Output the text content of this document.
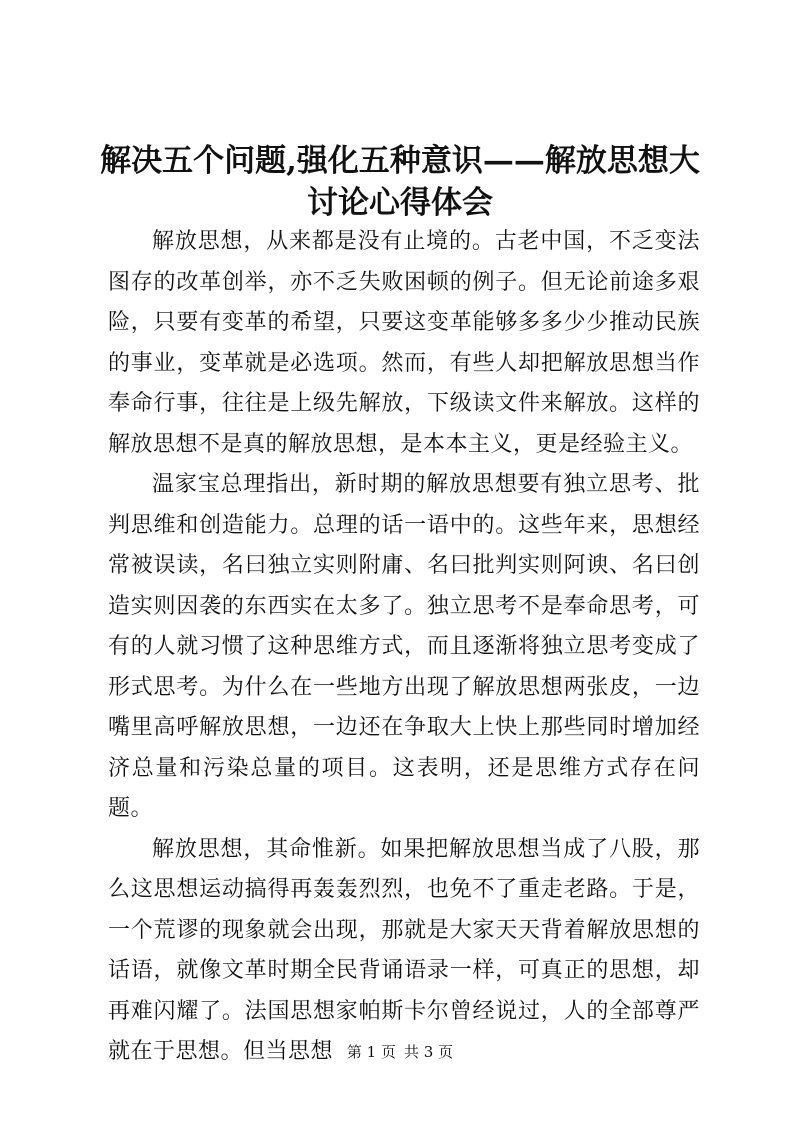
解决五个问题,强化五种意识——解放思想大讨论心得体会

解放思想，从来都是没有止境的。古老中国，不乏变法图存的改革创举，亦不乏失败困顿的例子。但无论前途多艰险，只要有变革的希望，只要这变革能够多多少少推动民族的事业，变革就是必选项。然而，有些人却把解放思想当作奉命行事，往往是上级先解放，下级读文件来解放。这样的解放思想不是真的解放思想，是本本主义，更是经验主义。

温家宝总理指出，新时期的解放思想要有独立思考、批判思维和创造能力。总理的话一语中的。这些年来，思想经常被误读，名曰独立实则附庸、名曰批判实则阿谀、名曰创造实则因袭的东西实在太多了。独立思考不是奉命思考，可有的人就习惯了这种思维方式，而且逐渐将独立思考变成了形式思考。为什么在一些地方出现了解放思想两张皮，一边嘴里高呼解放思想，一边还在争取大上快上那些同时增加经济总量和污染总量的项目。这表明，还是思维方式存在问题。

解放思想，其命惟新。如果把解放思想当成了八股，那么这思想运动搞得再轰轰烈烈，也免不了重走老路。于是，一个荒谬的现象就会出现，那就是大家天天背着解放思想的话语，就像文革时期全民背诵语录一样，可真正的思想，却再难闪耀了。法国思想家帕斯卡尔曾经说过，人的全部尊严就在于思想。但当思想 第 1 页 共 3 页
